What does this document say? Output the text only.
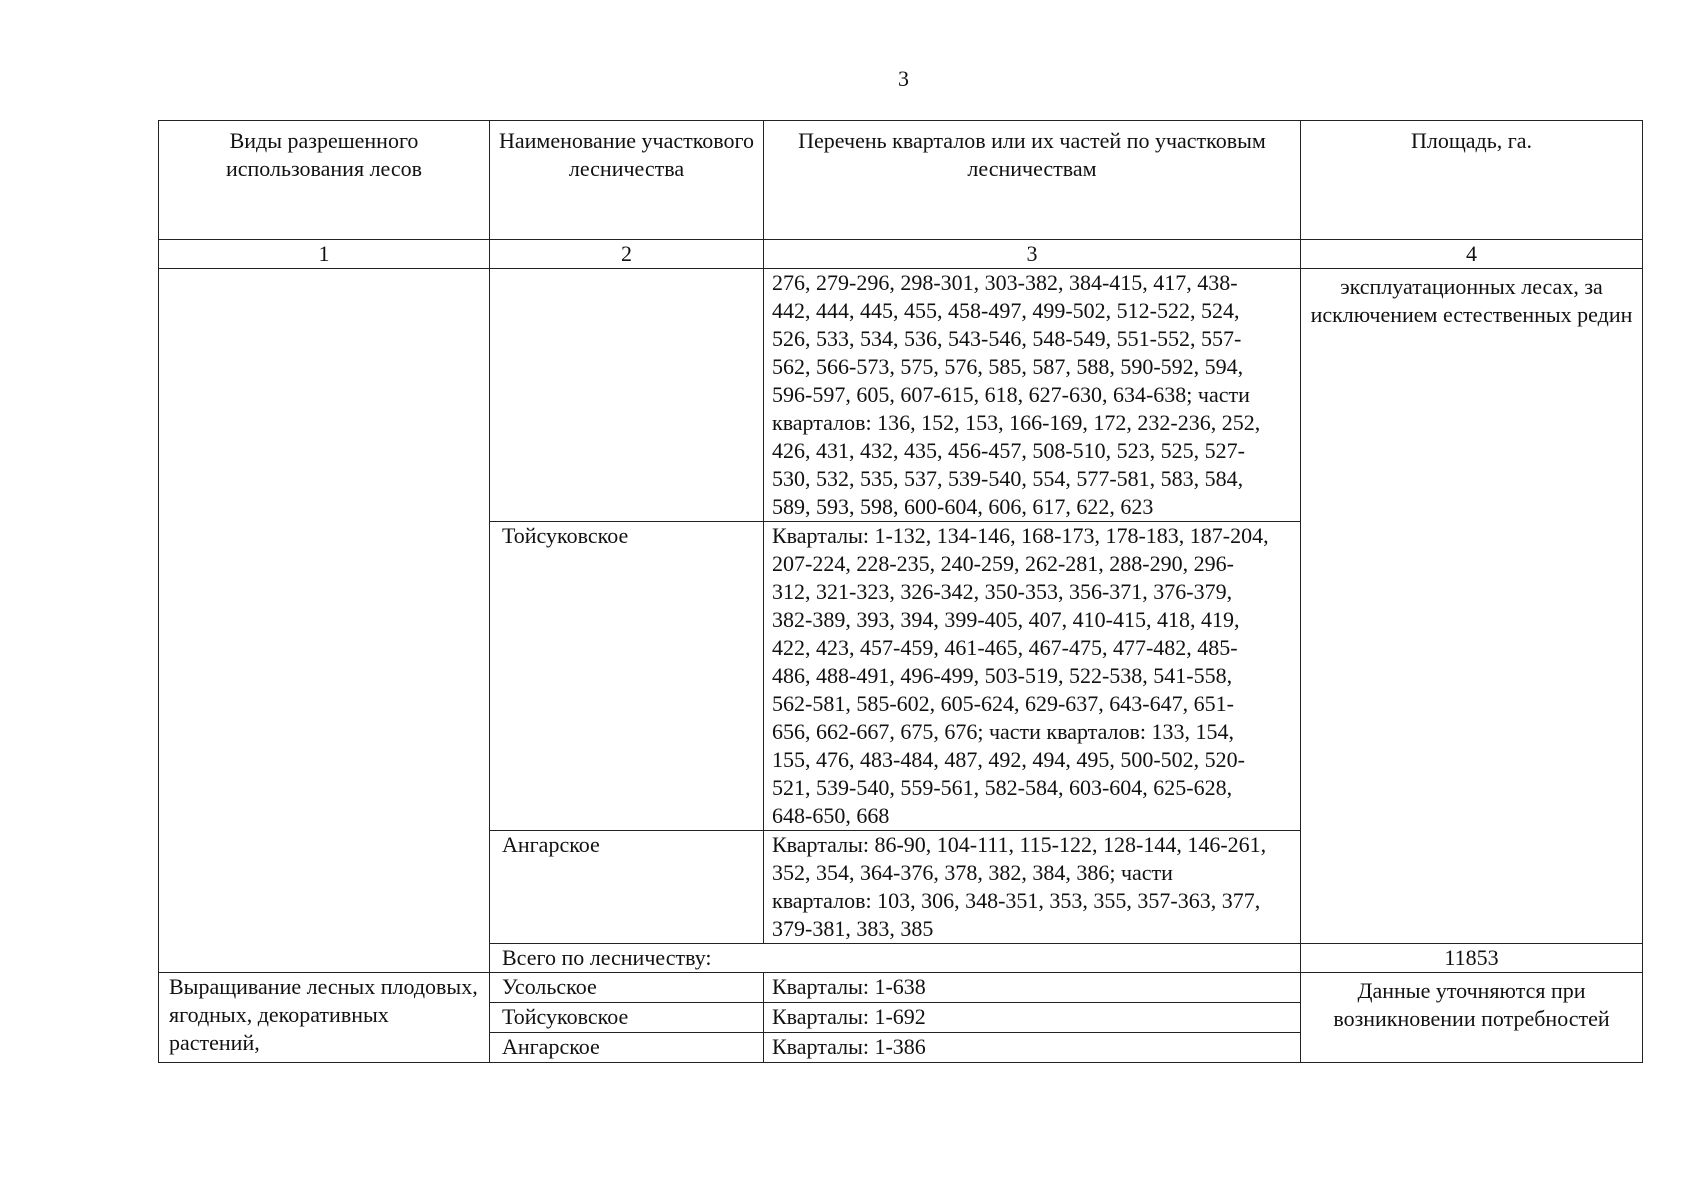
3
Виды разрешенного использования лесов	Наименование участкового лесничества	Перечень кварталов или их частей по участковым лесничествам	Площадь, га.
1	2	3	4
		276, 279-296, 298-301, 303-382, 384-415, 417, 438-442, 444, 445, 455, 458-497, 499-502, 512-522, 524, 526, 533, 534, 536, 543-546, 548-549, 551-552, 557-562, 566-573, 575, 576, 585, 587, 588, 590-592, 594, 596-597, 605, 607-615, 618, 627-630, 634-638; части кварталов: 136, 152, 153, 166-169, 172, 232-236, 252, 426, 431, 432, 435, 456-457, 508-510, 523, 525, 527-530, 532, 535, 537, 539-540, 554, 577-581, 583, 584, 589, 593, 598, 600-604, 606, 617, 622, 623	эксплуатационных лесах, за исключением естественных редин
	Тойсуковское	Кварталы: 1-132, 134-146, 168-173, 178-183, 187-204, 207-224, 228-235, 240-259, 262-281, 288-290, 296-312, 321-323, 326-342, 350-353, 356-371, 376-379, 382-389, 393, 394, 399-405, 407, 410-415, 418, 419, 422, 423, 457-459, 461-465, 467-475, 477-482, 485-486, 488-491, 496-499, 503-519, 522-538, 541-558, 562-581, 585-602, 605-624, 629-637, 643-647, 651-656, 662-667, 675, 676; части кварталов: 133, 154, 155, 476, 483-484, 487, 492, 494, 495, 500-502, 520-521, 539-540, 559-561, 582-584, 603-604, 625-628, 648-650, 668	
	Ангарское	Кварталы: 86-90, 104-111, 115-122, 128-144, 146-261, 352, 354, 364-376, 378, 382, 384, 386; части кварталов: 103, 306, 348-351, 353, 355, 357-363, 377, 379-381, 383, 385	
	Всего по лесничеству:		11853
Выращивание лесных плодовых, ягодных, декоративных растений,	Усольское	Кварталы: 1-638	Данные уточняются при возникновении потребностей
	Тойсуковское	Кварталы: 1-692	
	Ангарское	Кварталы: 1-386	
